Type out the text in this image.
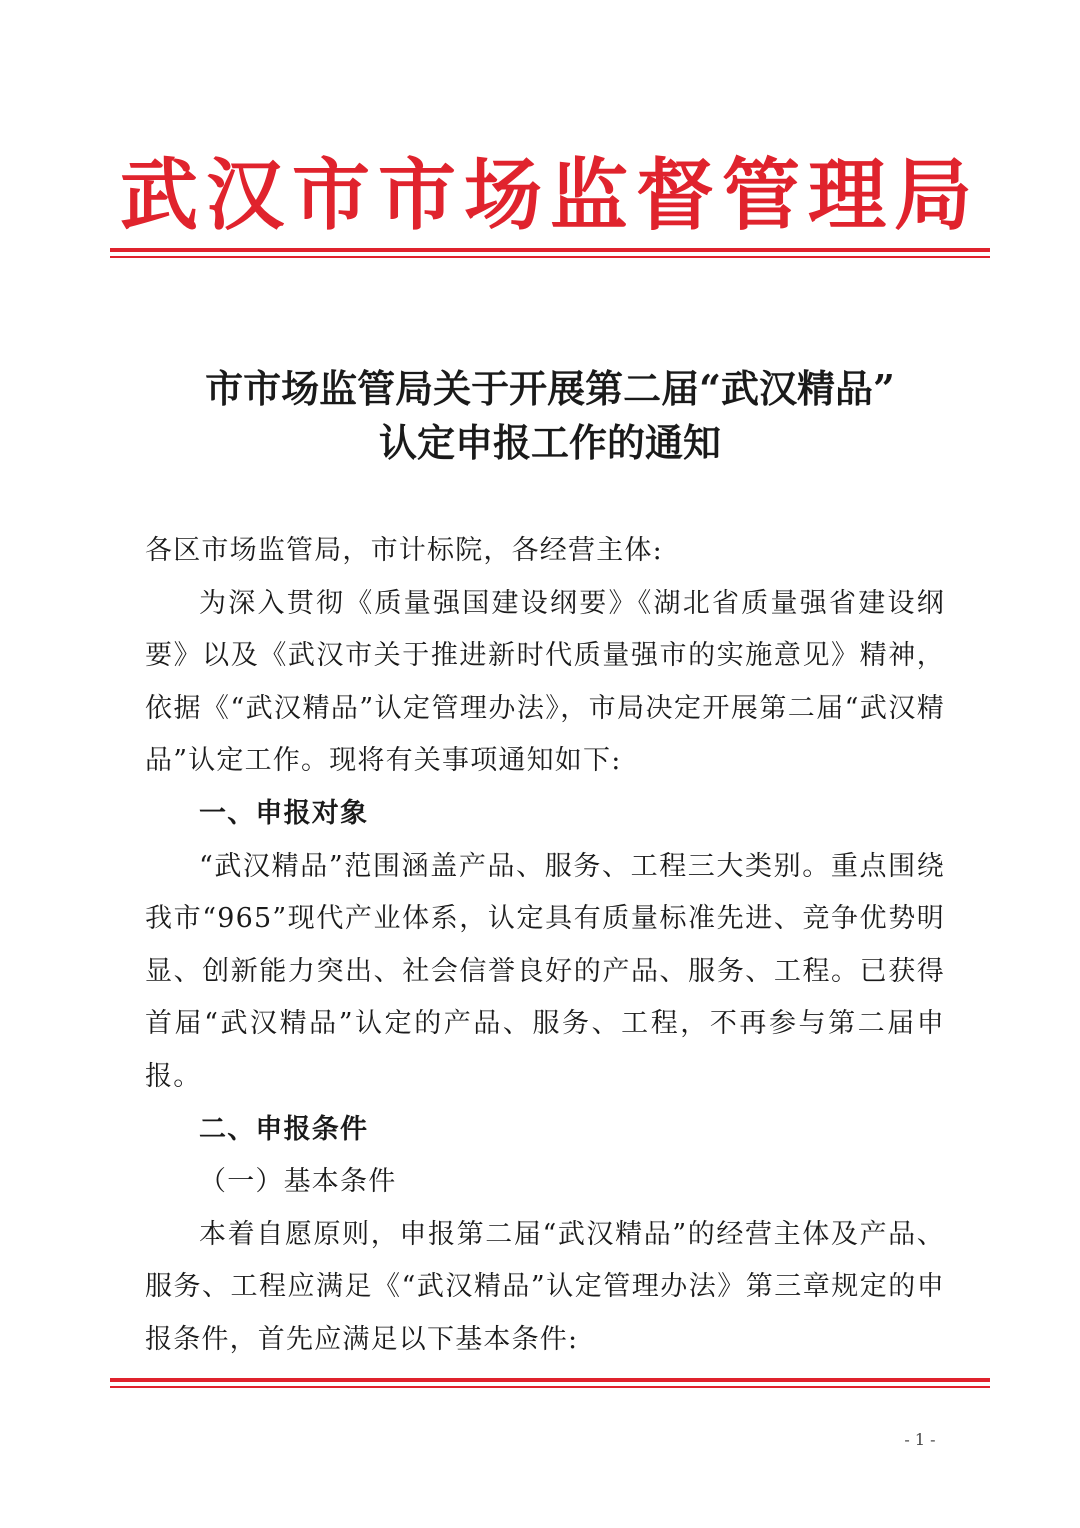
武汉市市场监督管理局
市市场监管局关于开展第二届“武汉精品”
认定申报工作的通知

各区市场监管局，市计标院，各经营主体:

为深入贯彻《质量强国建设纲要》《湖北省质量强省建设纲要》以及《武汉市关于推进新时代质量强市的实施意见》精神，依据《“武汉精品”认定管理办法》，市局决定开展第二届“武汉精品”认定工作。现将有关事项通知如下:

一、申报对象

“武汉精品”范围涵盖产品、服务、工程三大类别。重点围绕我市“965”现代产业体系，认定具有质量标准先进、竞争优势明显、创新能力突出、社会信誉良好的产品、服务、工程。已获得首届“武汉精品”认定的产品、服务、工程，不再参与第二届申报。

二、申报条件

（一）基本条件

本着自愿原则，申报第二届“武汉精品”的经营主体及产品、服务、工程应满足《“武汉精品”认定管理办法》第三章规定的申报条件，首先应满足以下基本条件:

- 1 -
